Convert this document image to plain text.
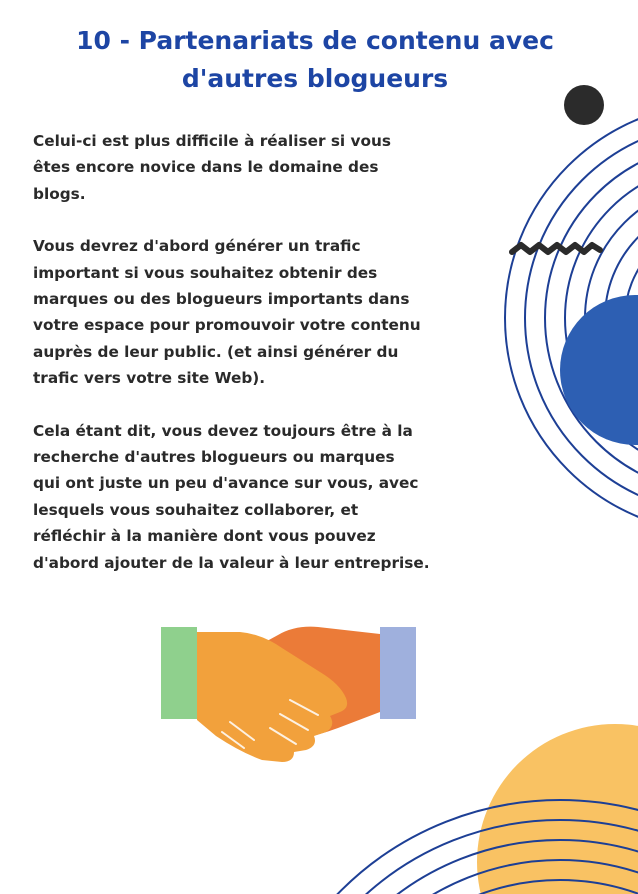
10 - Partenariats de contenu avec d'autres blogueurs

Celui-ci est plus difficile à réaliser si vous
êtes encore novice dans le domaine des
blogs.

Vous devrez d'abord générer un trafic
important si vous souhaitez obtenir des
marques ou des blogueurs importants dans
votre espace pour promouvoir votre contenu
auprès de leur public. (et ainsi générer du
trafic vers votre site Web).

Cela étant dit, vous devez toujours être à la
recherche d'autres blogueurs ou marques
qui ont juste un peu d'avance sur vous, avec
lesquels vous souhaitez collaborer, et
réfléchir à la manière dont vous pouvez
d'abord ajouter de la valeur à leur entreprise.
